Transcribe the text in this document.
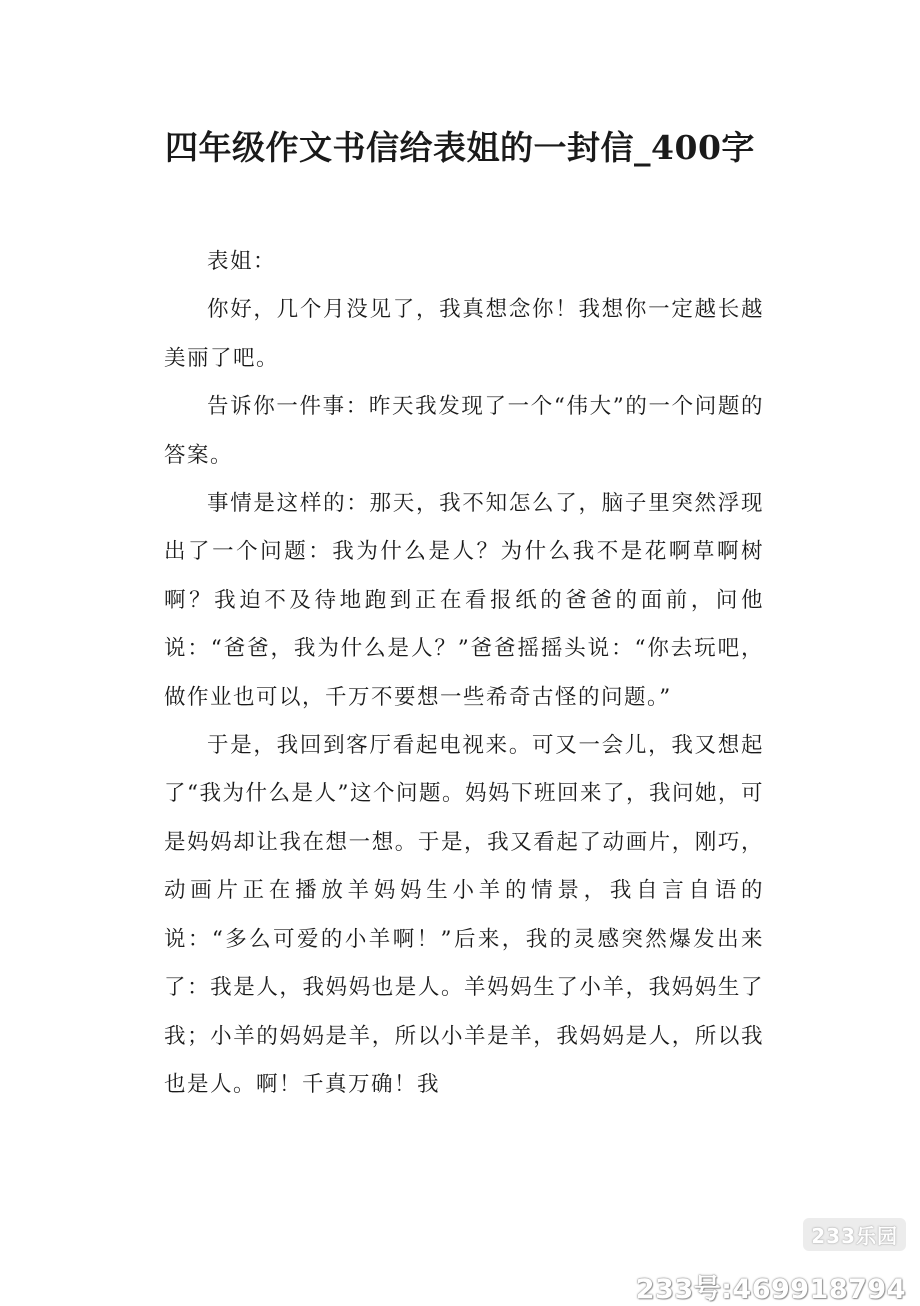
四年级作文书信给表姐的一封信_400字

表姐：

你好，几个月没见了，我真想念你！我想你一定越长越美丽了吧。

告诉你一件事：昨天我发现了一个“伟大”的一个问题的答案。

事情是这样的：那天，我不知怎么了，脑子里突然浮现出了一个问题：我为什么是人？为什么我不是花啊草啊树啊？我迫不及待地跑到正在看报纸的爸爸的面前，问他说：“爸爸，我为什么是人？”爸爸摇摇头说：“你去玩吧，做作业也可以，千万不要想一些希奇古怪的问题。”

于是，我回到客厅看起电视来。可又一会儿，我又想起了“我为什么是人”这个问题。妈妈下班回来了，我问她，可是妈妈却让我在想一想。于是，我又看起了动画片，刚巧，动画片正在播放羊妈妈生小羊的情景，我自言自语的说：“多么可爱的小羊啊！”后来，我的灵感突然爆发出来了：我是人，我妈妈也是人。羊妈妈生了小羊，我妈妈生了我；小羊的妈妈是羊，所以小羊是羊，我妈妈是人，所以我也是人。啊！千真万确！我

233乐园
233号:469918794
